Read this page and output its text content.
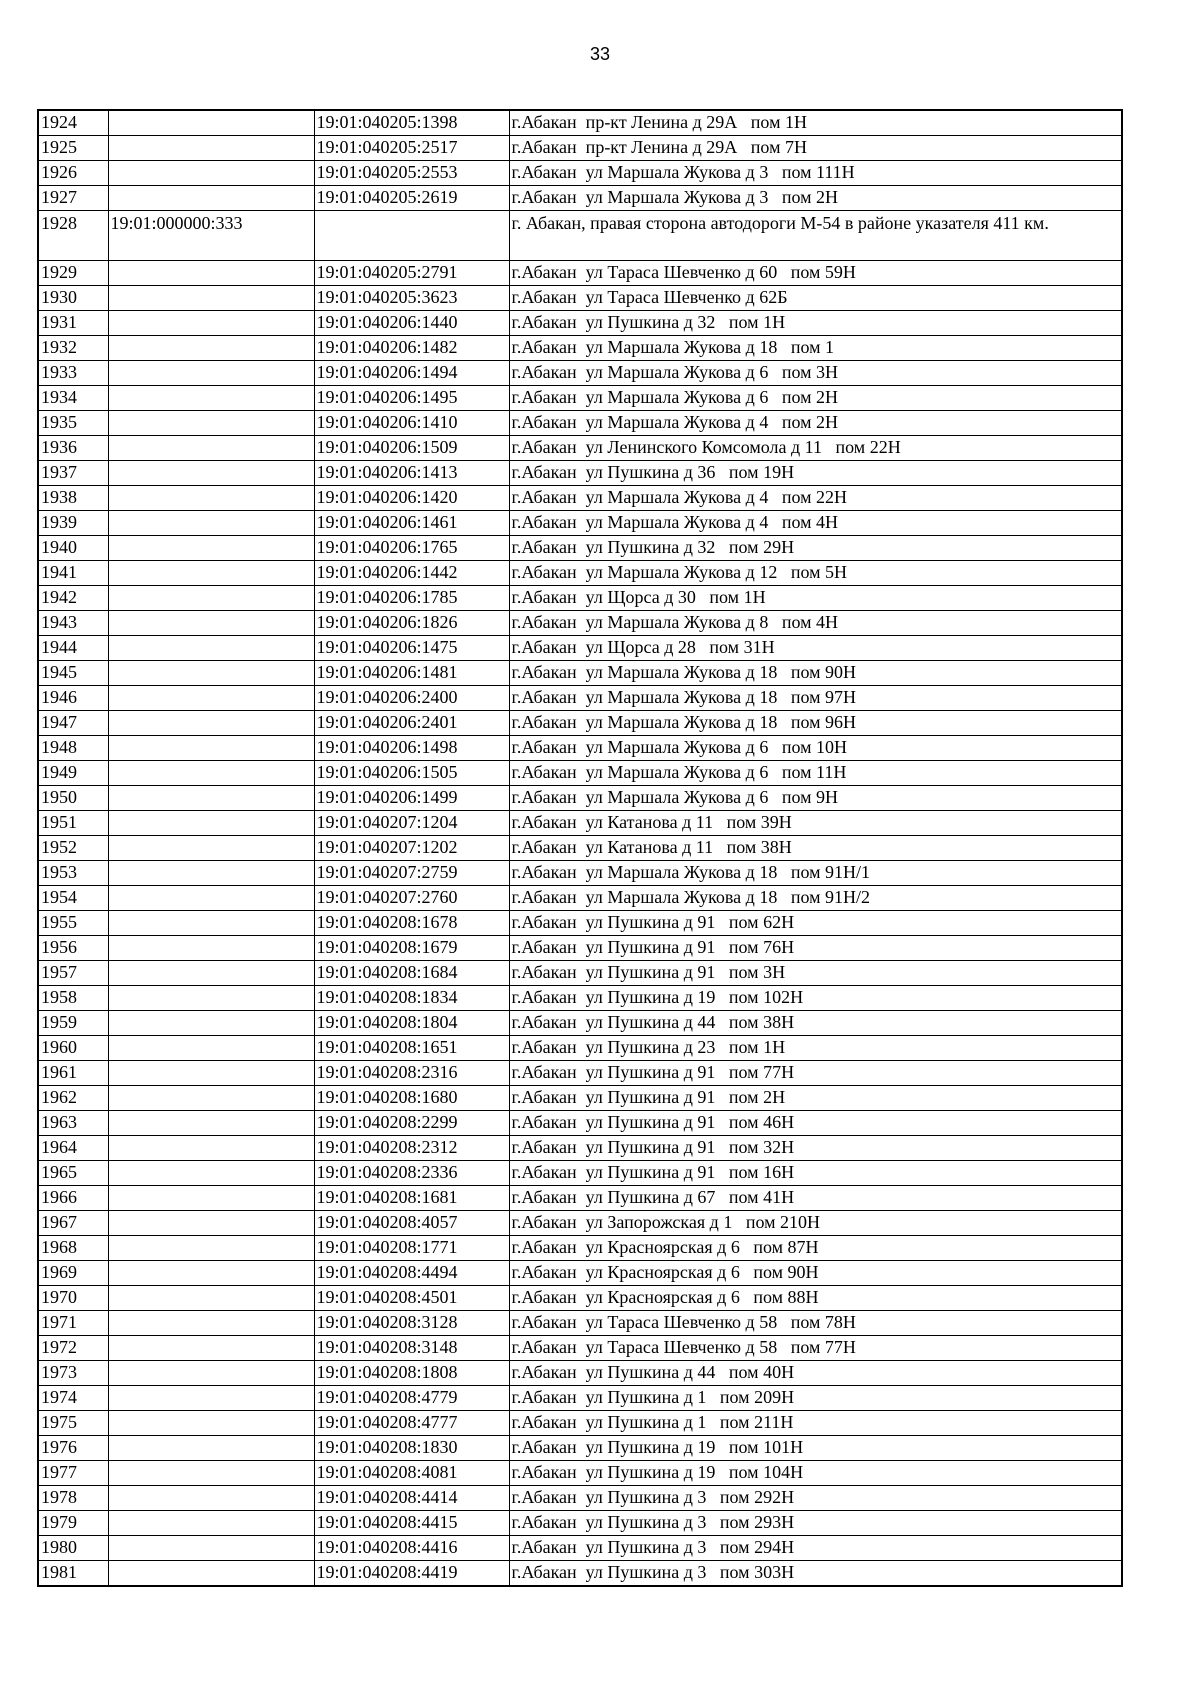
33
1924		19:01:040205:1398	г.Абакан  пр-кт Ленина д 29А   пом 1Н
1925		19:01:040205:2517	г.Абакан  пр-кт Ленина д 29А   пом 7Н
1926		19:01:040205:2553	г.Абакан  ул Маршала Жукова д 3   пом 111Н
1927		19:01:040205:2619	г.Абакан  ул Маршала Жукова д 3   пом 2Н
1928	19:01:000000:333		г. Абакан, правая сторона автодороги М-54 в районе указателя 411 км.
1929		19:01:040205:2791	г.Абакан  ул Тараса Шевченко д 60   пом 59Н
1930		19:01:040205:3623	г.Абакан  ул Тараса Шевченко д 62Б
1931		19:01:040206:1440	г.Абакан  ул Пушкина д 32   пом 1Н
1932		19:01:040206:1482	г.Абакан  ул Маршала Жукова д 18   пом 1
1933		19:01:040206:1494	г.Абакан  ул Маршала Жукова д 6   пом 3Н
1934		19:01:040206:1495	г.Абакан  ул Маршала Жукова д 6   пом 2Н
1935		19:01:040206:1410	г.Абакан  ул Маршала Жукова д 4   пом 2Н
1936		19:01:040206:1509	г.Абакан  ул Ленинского Комсомола д 11   пом 22Н
1937		19:01:040206:1413	г.Абакан  ул Пушкина д 36   пом 19Н
1938		19:01:040206:1420	г.Абакан  ул Маршала Жукова д 4   пом 22Н
1939		19:01:040206:1461	г.Абакан  ул Маршала Жукова д 4   пом 4Н
1940		19:01:040206:1765	г.Абакан  ул Пушкина д 32   пом 29Н
1941		19:01:040206:1442	г.Абакан  ул Маршала Жукова д 12   пом 5Н
1942		19:01:040206:1785	г.Абакан  ул Щорса д 30   пом 1Н
1943		19:01:040206:1826	г.Абакан  ул Маршала Жукова д 8   пом 4Н
1944		19:01:040206:1475	г.Абакан  ул Щорса д 28   пом 31Н
1945		19:01:040206:1481	г.Абакан  ул Маршала Жукова д 18   пом 90Н
1946		19:01:040206:2400	г.Абакан  ул Маршала Жукова д 18   пом 97Н
1947		19:01:040206:2401	г.Абакан  ул Маршала Жукова д 18   пом 96Н
1948		19:01:040206:1498	г.Абакан  ул Маршала Жукова д 6   пом 10Н
1949		19:01:040206:1505	г.Абакан  ул Маршала Жукова д 6   пом 11Н
1950		19:01:040206:1499	г.Абакан  ул Маршала Жукова д 6   пом 9Н
1951		19:01:040207:1204	г.Абакан  ул Катанова д 11   пом 39Н
1952		19:01:040207:1202	г.Абакан  ул Катанова д 11   пом 38Н
1953		19:01:040207:2759	г.Абакан  ул Маршала Жукова д 18   пом 91Н/1
1954		19:01:040207:2760	г.Абакан  ул Маршала Жукова д 18   пом 91Н/2
1955		19:01:040208:1678	г.Абакан  ул Пушкина д 91   пом 62Н
1956		19:01:040208:1679	г.Абакан  ул Пушкина д 91   пом 76Н
1957		19:01:040208:1684	г.Абакан  ул Пушкина д 91   пом 3Н
1958		19:01:040208:1834	г.Абакан  ул Пушкина д 19   пом 102Н
1959		19:01:040208:1804	г.Абакан  ул Пушкина д 44   пом 38Н
1960		19:01:040208:1651	г.Абакан  ул Пушкина д 23   пом 1Н
1961		19:01:040208:2316	г.Абакан  ул Пушкина д 91   пом 77Н
1962		19:01:040208:1680	г.Абакан  ул Пушкина д 91   пом 2Н
1963		19:01:040208:2299	г.Абакан  ул Пушкина д 91   пом 46Н
1964		19:01:040208:2312	г.Абакан  ул Пушкина д 91   пом 32Н
1965		19:01:040208:2336	г.Абакан  ул Пушкина д 91   пом 16Н
1966		19:01:040208:1681	г.Абакан  ул Пушкина д 67   пом 41Н
1967		19:01:040208:4057	г.Абакан  ул Запорожская д 1   пом 210Н
1968		19:01:040208:1771	г.Абакан  ул Красноярская д 6   пом 87Н
1969		19:01:040208:4494	г.Абакан  ул Красноярская д 6   пом 90Н
1970		19:01:040208:4501	г.Абакан  ул Красноярская д 6   пом 88Н
1971		19:01:040208:3128	г.Абакан  ул Тараса Шевченко д 58   пом 78Н
1972		19:01:040208:3148	г.Абакан  ул Тараса Шевченко д 58   пом 77Н
1973		19:01:040208:1808	г.Абакан  ул Пушкина д 44   пом 40Н
1974		19:01:040208:4779	г.Абакан  ул Пушкина д 1   пом 209Н
1975		19:01:040208:4777	г.Абакан  ул Пушкина д 1   пом 211Н
1976		19:01:040208:1830	г.Абакан  ул Пушкина д 19   пом 101Н
1977		19:01:040208:4081	г.Абакан  ул Пушкина д 19   пом 104Н
1978		19:01:040208:4414	г.Абакан  ул Пушкина д 3   пом 292Н
1979		19:01:040208:4415	г.Абакан  ул Пушкина д 3   пом 293Н
1980		19:01:040208:4416	г.Абакан  ул Пушкина д 3   пом 294Н
1981		19:01:040208:4419	г.Абакан  ул Пушкина д 3   пом 303Н
